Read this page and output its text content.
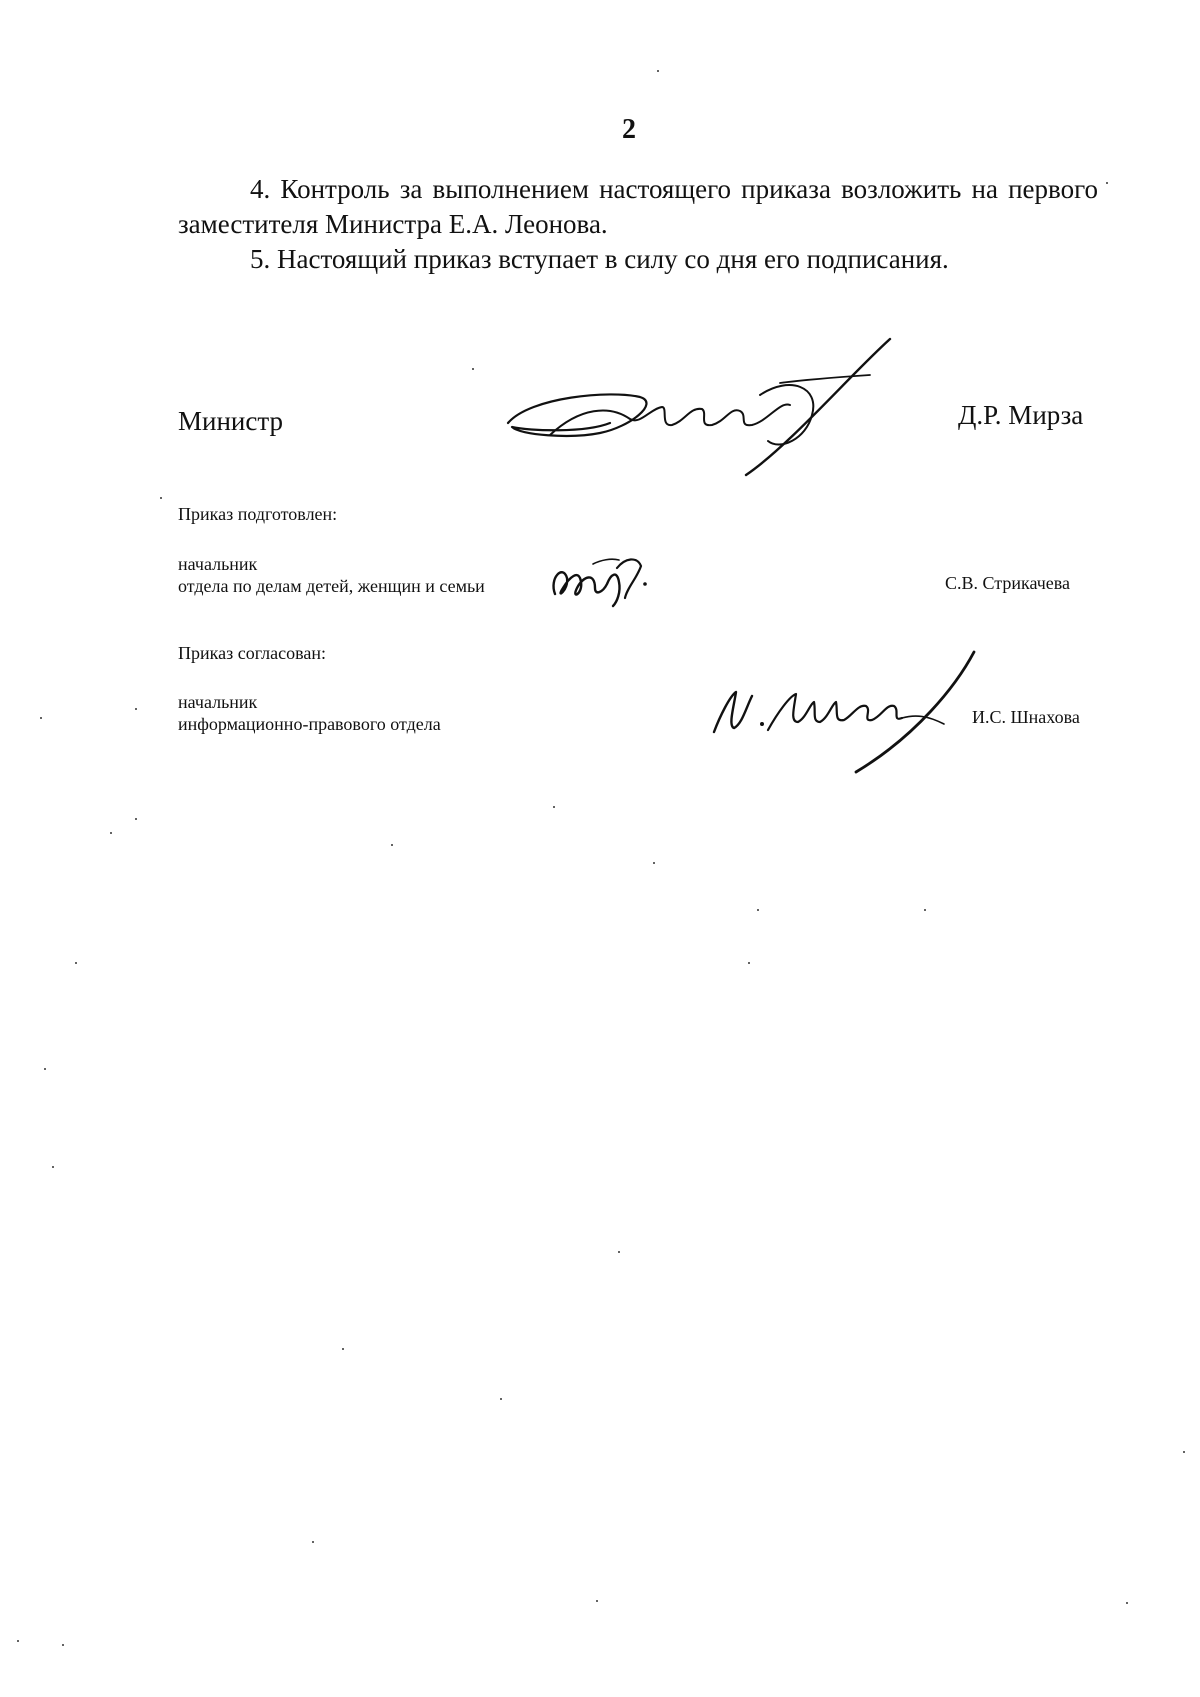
2

4. Контроль за выполнением настоящего приказа возложить на первого заместителя Министра Е.А. Леонова.

5. Настоящий приказ вступает в силу со дня его подписания.

Министр	Д.Р. Мирза
Приказ подготовлен:
начальник
отдела по делам детей, женщин и семьи	С.В. Стрикачева
Приказ согласован:
начальник
информационно-правового отдела	И.С. Шнахова
